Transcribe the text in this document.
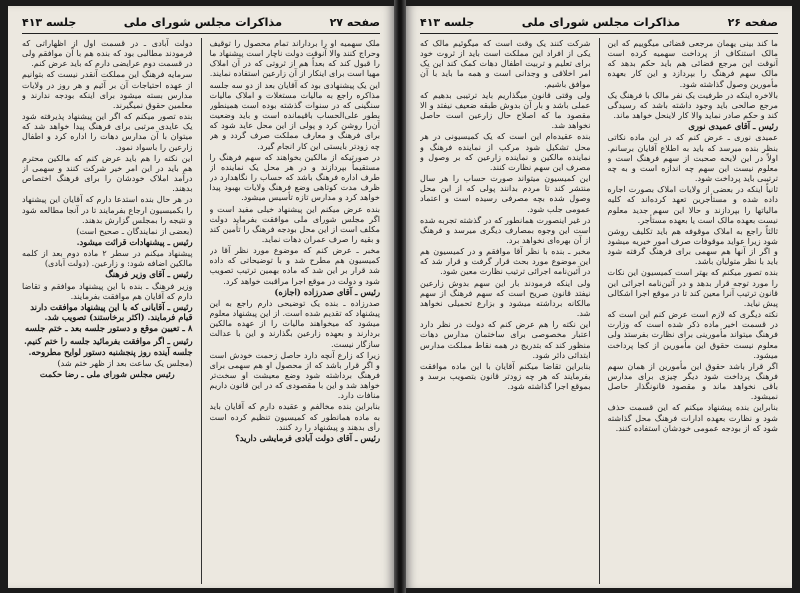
صفحه ۲۷
مذاکرات مجلس شورای ملی
جلسه ۴۱۳

ملک سهمیه او را برداراند تمام محصول را توقیف وحراج کنند والا آنوقت دولت ناچار است پیشنهاد ما را قبول کند که بعداً هم از ثروتی که در آن املاک مهیا است برای اینکار از آن زارعین استفاده نمایند.

این یک پیشنهادی بود که آقایان بعد از دو سه جلسه مذاکره راجع به مالیات مستغلات و املاک مالیات سنگینی که در سنوات گذشته بوده است همینطور بطور علی‌الحساب باقیمانده است و باید وضعیت آن‌را روشن کرد و پولی از این محل عاید شود که برای فرهنگ و معارف مملکت صرف گردد و هر چه زودتر بایستی این کار انجام گیرد.

در صورتیکه از مالکین بخواهند که سهم فرهنگ را مستقیماً بپردازند و در هر محل یک نماینده از طرف اداره فرهنگ باشد که حساب را نگاهدارد در ظرف مدت کوتاهی وضع فرهنگ ولایات بهبود پیدا خواهد کرد و مدارس تازه تأسیس میشود.

بنده عرض میکنم این پیشنهاد خیلی مفید است و اگر مجلس شورای ملی موافقت بفرماید دولت مکلف است از این محل بودجه فرهنگ را تأمین کند و بقیه را صرف عمران دهات نماید.

مخبر ـ عرض کنم که موضوع مورد نظر آقا در کمیسیون هم مطرح شد و با توضیحاتی که داده شد قرار بر این شد که ماده بهمین ترتیب تصویب شود و دولت در موقع اجرا مراقبت خواهد کرد.

رئیس ـ آقای صدرزاده (اجازه)

صدرزاده ـ بنده یک توضیحی دارم راجع به این پیشنهاد که تقدیم شده است. از این پیشنهاد معلوم میشود که میخواهند مالیات را از عهده مالکین بردارند و بعهده زارعین بگذارند و این با عدالت سازگار نیست.

زیرا که زارع آنچه دارد حاصل زحمت خودش است و اگر قرار باشد که از محصول او هم سهمی برای فرهنگ برداشته شود وضع معیشت او سخت‌تر خواهد شد و این با مقصودی که در این قانون داریم منافات دارد.

بنابراین بنده مخالفم و عقیده دارم که آقایان باید به ماده همانطور که کمیسیون تنظیم کرده است رأی بدهند و پیشنهاد را رد کنند.

رئیس ـ آقای دولت آبادی فرمایشی دارید؟

دولت آبادی ـ در قسمت اول از اظهاراتی که فرمودند مطالبی بود که بنده هم با آن موافقم ولی در قسمت دوم عرایضی دارم که باید عرض کنم.

سرمایه فرهنگ این مملکت آنقدر نیست که بتوانیم از عهده احتیاجات آن بر آئیم و هر روز در ولایات مدارس بسته میشود برای اینکه بودجه ندارند و معلمین حقوق نمیگیرند.

بنده تصور میکنم که اگر این پیشنهاد پذیرفته شود یک عایدی مرتبی برای فرهنگ پیدا خواهد شد که میتوان با آن مدارس دهات را اداره کرد و اطفال زارعین را باسواد نمود.

این نکته را هم باید عرض کنم که مالکین محترم هم باید در این امر خیر شرکت کنند و سهمی از درآمد املاک خودشان را برای فرهنگ اختصاص بدهند.

در هر حال بنده استدعا دارم که آقایان این پیشنهاد را بکمیسیون ارجاع بفرمایند تا در آنجا مطالعه شود و نتیجه را بمجلس گزارش بدهند.

(بعضی از نمایندگان ـ صحیح است)

رئیس ـ پیشنهادات قرائت میشود.

پیشنهاد میکنم در سطر ۲ ماده دوم بعد از کلمه مالکین اضافه شود: و زارعین. (دولت آبادی)

رئیس ـ آقای وزیر فرهنگ

وزیر فرهنگ ـ بنده با این پیشنهاد موافقم و تقاضا دارم که آقایان هم موافقت بفرمایند.

رئیس ـ آقایانی که با این پیشنهاد موافقت دارند قیام فرمایند. (اکثر برخاستند) تصویب شد.

۸ ـ تعیین موقع و دستور جلسه بعد ـ ختم جلسه

رئیس ـ اگر موافقت بفرمائید جلسه را ختم کنیم. جلسه آینده روز پنجشنبه دستور لوایح مطروحه.

(مجلس یک ساعت بعد از ظهر ختم شد)

رئیس مجلس شورای ملی ـ رضا حکمت

صفحه ۲۶
مذاکرات مجلس شورای ملی
جلسه ۴۱۳

ما کند بینی یهمان مرجعی قضائی میگوییم که این مالک استنکاف از پرداخت سهمیه کرده است آنوقت این مرجع قضائی هم باید حکم بدهد که مالک سهم فرهنگ را بپردازد و این کار بعهده مأمورین وصول گذاشته شود.

بالاخره اینکه در طرفیت یک نفر مالک با فرهنگ یک مرجع صالحی باید وجود داشته باشد که رسیدگی کند و حکم صادر نماید والا کار لاینحل خواهد ماند.

رئیس ـ آقای عمیدی نوری

عمیدی نوری ـ عرض کنم که در این ماده نکاتی بنظر بنده میرسد که باید به اطلاع آقایان برسانم. اولاً در این لایحه صحبت از سهم فرهنگ است و معلوم نیست این سهم چه اندازه است و به چه ترتیبی باید پرداخت شود.

ثانیاً اینکه در بعضی از ولایات املاک بصورت اجاره داده شده و مستأجرین تعهد کرده‌اند که کلیه مالیاتها را بپردازند و حالا این سهم جدید معلوم نیست بعهده مالک است یا بعهده مستأجر.

ثالثاً راجع به املاک موقوفه هم باید تکلیف روشن شود زیرا عواید موقوفات صرف امور خیریه میشود و اگر از آنها هم سهمی برای فرهنگ گرفته شود باید با نظر متولیان باشد.

بنده تصور میکنم که بهتر است کمیسیون این نکات را مورد توجه قرار بدهد و در آئین‌نامه اجرائی این قانون ترتیب آنرا معین کند تا در موقع اجرا اشکالی پیش نیاید.

نکته دیگری که لازم است عرض کنم این است که در قسمت اخیر ماده ذکر شده است که وزارت فرهنگ میتواند مأمورینی برای نظارت بفرستد ولی معلوم نیست حقوق این مأمورین از کجا پرداخت میشود.

اگر قرار باشد حقوق این مأمورین از همان سهم فرهنگ پرداخت شود دیگر چیزی برای مدارس باقی نخواهد ماند و مقصود قانونگذار حاصل نمیشود.

بنابراین بنده پیشنهاد میکنم که این قسمت حذف شود و نظارت بعهده ادارات فرهنگ محل گذاشته شود که از بودجه عمومی خودشان استفاده کنند.

شرکت کنند یک وقت است که میگوئیم مالک که یکی از افراد این مملکت است باید از ثروت خود برای تعلیم و تربیت اطفال دهات کمک کند این یک امر اخلاقی و وجدانی است و همه ما باید با آن موافق باشیم.

ولی وقتی قانون میگذاریم باید ترتیبی بدهیم که عملی باشد و بار آن بدوش طبقه ضعیف نیفتد و الا مقصود ما که اصلاح حال زارعین است حاصل نخواهد شد.

بنده عقیده‌ام این است که یک کمیسیونی در هر محل تشکیل شود مرکب از نماینده فرهنگ و نماینده مالکین و نماینده زارعین که بر وصول و مصرف این سهم نظارت کنند.

این کمیسیون میتواند صورت حساب را هر سال منتشر کند تا مردم بدانند پولی که از این محل وصول شده بچه مصرفی رسیده است و اعتماد عمومی جلب شود.

در غیر اینصورت همانطور که در گذشته تجربه شده است این وجوه بمصارف دیگری میرسد و فرهنگ از آن بهره‌ای نخواهد برد.

مخبر ـ بنده با نظر آقا موافقم و در کمیسیون هم این موضوع مورد بحث قرار گرفت و قرار شد که در آئین‌نامه اجرائی ترتیب نظارت معین شود.

ولی اینکه فرمودند بار این سهم بدوش زارعین نیفتد قانون صریح است که سهم فرهنگ از سهم مالکانه برداشته میشود و بزارع تحمیلی نخواهد شد.

این نکته را هم عرض کنم که دولت در نظر دارد اعتبار مخصوصی برای ساختمان مدارس دهات منظور کند که بتدریج در همه نقاط مملکت مدارس ابتدائی دائر شود.

بنابراین تقاضا میکنم آقایان با این ماده موافقت بفرمایند که هر چه زودتر قانون بتصویب برسد و بموقع اجرا گذاشته شود.
